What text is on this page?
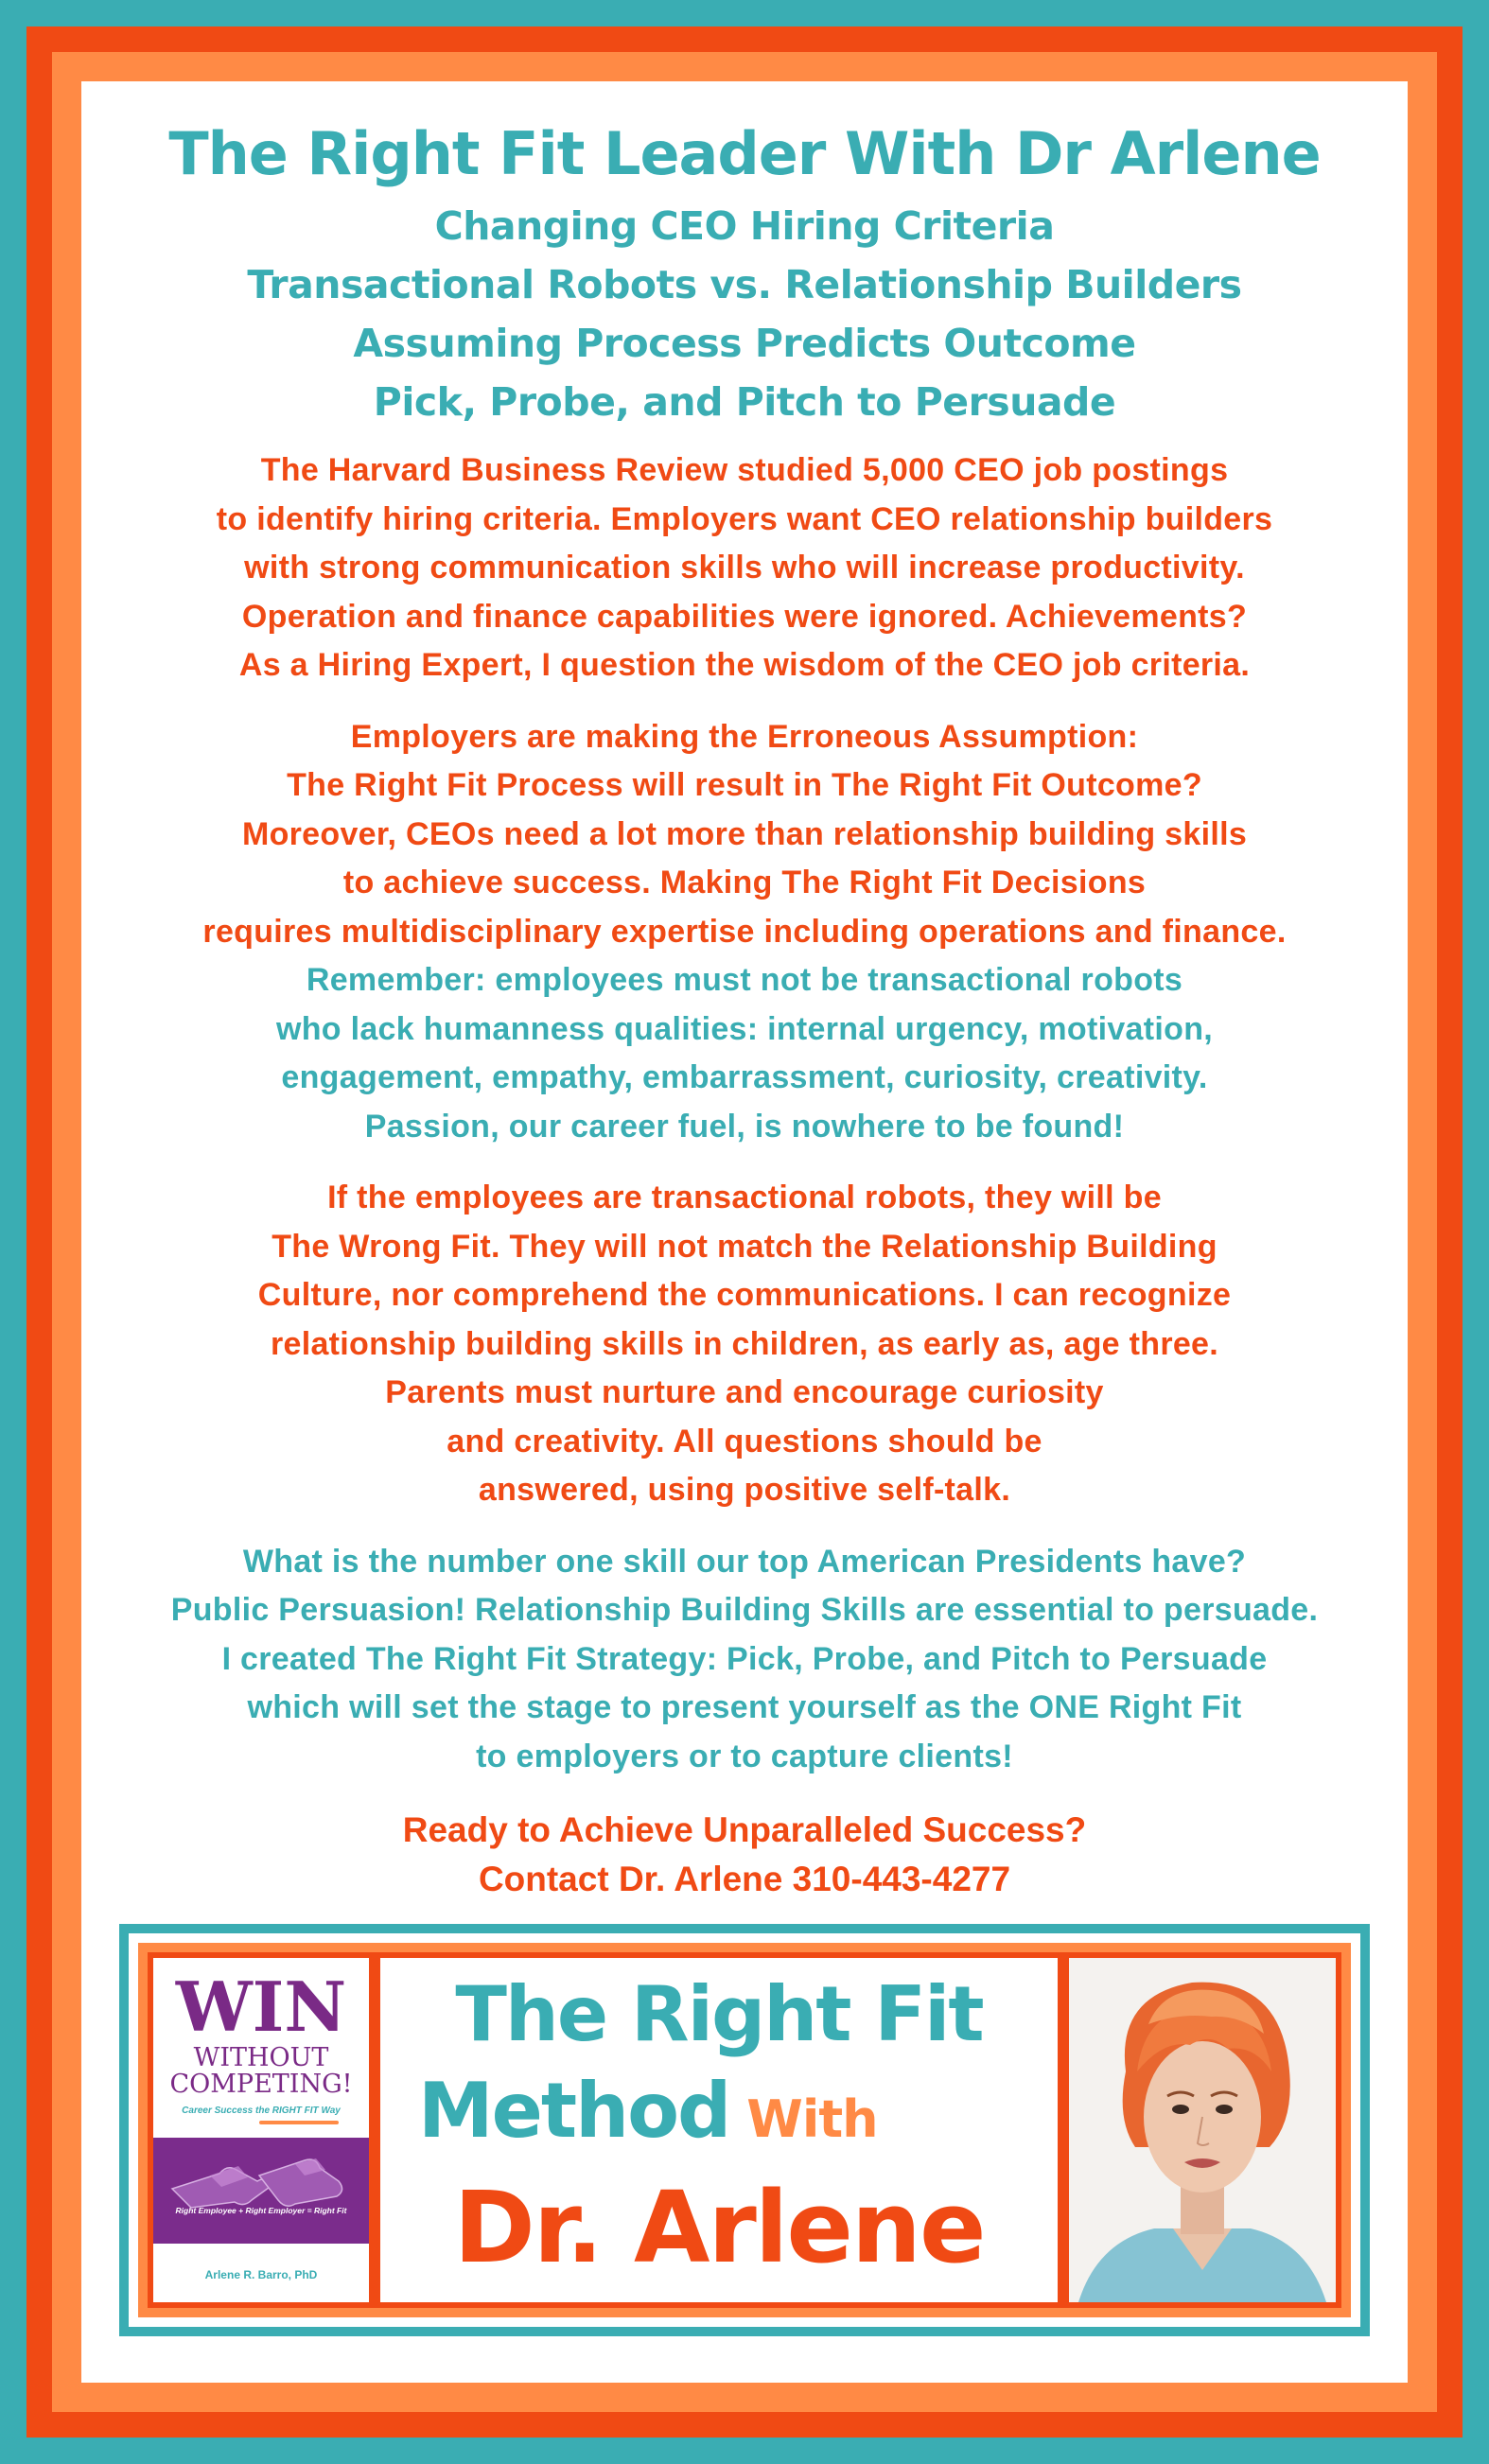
The Right Fit Leader With Dr Arlene
Changing CEO Hiring Criteria
Transactional Robots vs. Relationship Builders
Assuming Process Predicts Outcome
Pick, Probe, and Pitch to Persuade
The Harvard Business Review studied 5,000 CEO job postings
to identify hiring criteria. Employers want CEO relationship builders
with strong communication skills who will increase productivity.
Operation and finance capabilities were ignored. Achievements?
As a Hiring Expert, I question the wisdom of the CEO job criteria.
Employers are making the Erroneous Assumption:
The Right Fit Process will result in The Right Fit Outcome?
Moreover, CEOs need a lot more than relationship building skills
to achieve success. Making The Right Fit Decisions
requires multidisciplinary expertise including operations and finance.
Remember: employees must not be transactional robots
who lack humanness qualities: internal urgency, motivation,
engagement, empathy, embarrassment, curiosity, creativity.
Passion, our career fuel, is nowhere to be found!
If the employees are transactional robots, they will be
The Wrong Fit. They will not match the Relationship Building
Culture, nor comprehend the communications. I can recognize
relationship building skills in children, as early as, age three.
Parents must nurture and encourage curiosity
and creativity. All questions should be
answered, using positive self-talk.
What is the number one skill our top American Presidents have?
Public Persuasion! Relationship Building Skills are essential to persuade.
I created The Right Fit Strategy: Pick, Probe, and Pitch to Persuade
which will set the stage to present yourself as the ONE Right Fit
to employers or to capture clients!
Ready to Achieve Unparalleled Success?
Contact Dr. Arlene 310-443-4277
WIN
WITHOUT
COMPETING!
Career Success the RIGHT FIT Way
Right Employee + Right Employer = Right Fit
Arlene R. Barro, PhD
The Right Fit
Method With
Dr. Arlene
